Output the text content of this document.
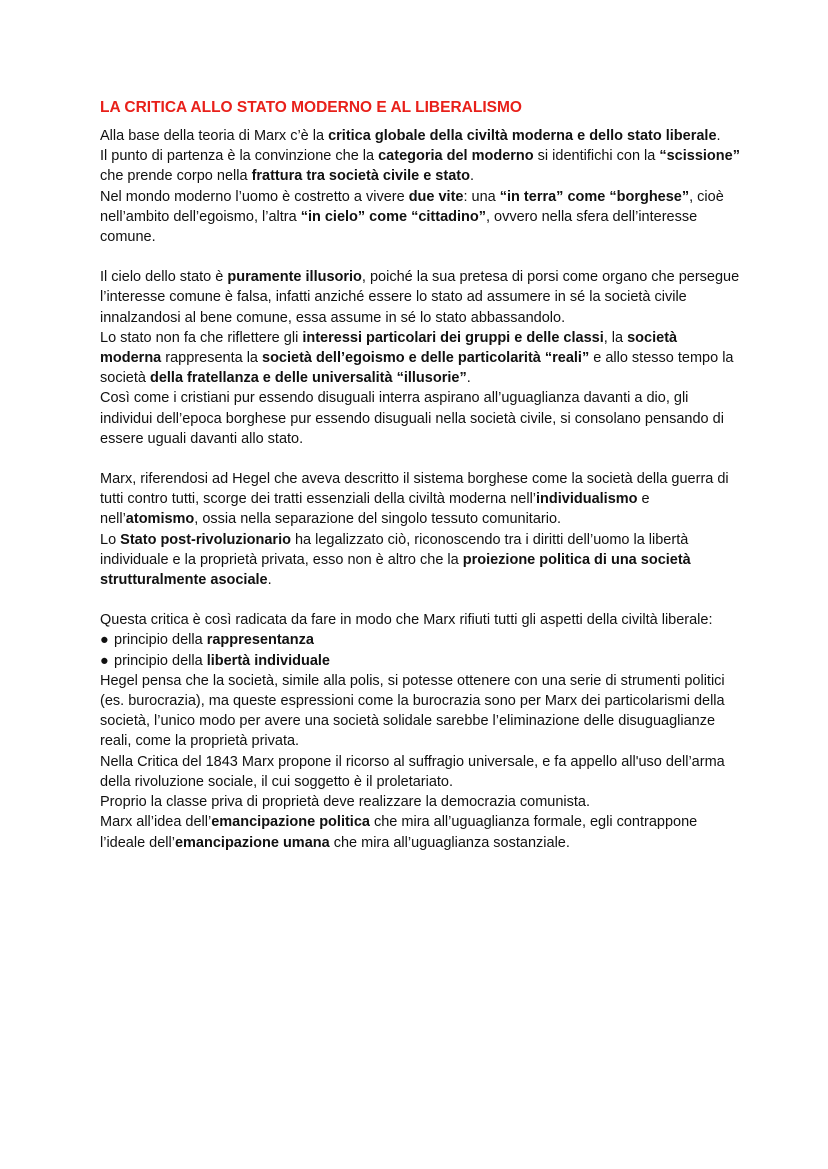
LA CRITICA ALLO STATO MODERNO E AL LIBERALISMO

Alla base della teoria di Marx c’è la critica globale della civiltà moderna e dello stato liberale.

Il punto di partenza è la convinzione che la categoria del moderno si identifichi con la “scissione” che prende corpo nella frattura tra società civile e stato.

Nel mondo moderno l’uomo è costretto a vivere due vite: una “in terra” come “borghese”, cioè nell’ambito dell’egoismo, l’altra “in cielo” come “cittadino”, ovvero nella sfera dell’interesse comune.

Il cielo dello stato è puramente illusorio, poiché la sua pretesa di porsi come organo che persegue l’interesse comune è falsa, infatti anziché essere lo stato ad assumere in sé la società civile innalzandosi al bene comune, essa assume in sé lo stato abbassandolo.

Lo stato non fa che riflettere gli interessi particolari dei gruppi e delle classi, la società moderna rappresenta la società dell’egoismo e delle particolarità “reali” e allo stesso tempo la società della fratellanza e delle universalità “illusorie”.

Così come i cristiani pur essendo disuguali interra aspirano all’uguaglianza davanti a dio, gli individui dell’epoca borghese pur essendo disuguali nella società civile, si consolano pensando di essere uguali davanti allo stato.

Marx, riferendosi ad Hegel che aveva descritto il sistema borghese come la società della guerra di tutti contro tutti, scorge dei tratti essenziali della civiltà moderna nell’individualismo e nell’atomismo, ossia nella separazione del singolo tessuto comunitario.

Lo Stato post-rivoluzionario ha legalizzato ciò, riconoscendo tra i diritti dell’uomo la libertà individuale e la proprietà privata, esso non è altro che la proiezione politica di una società strutturalmente asociale.

Questa critica è così radicata da fare in modo che Marx rifiuti tutti gli aspetti della civiltà liberale:

● principio della rappresentanza

● principio della libertà individuale

Hegel pensa che la società, simile alla polis, si potesse ottenere con una serie di strumenti politici (es. burocrazia), ma queste espressioni come la burocrazia sono per Marx dei particolarismi della società, l’unico modo per avere una società solidale sarebbe l’eliminazione delle disuguaglianze reali, come la proprietà privata.

Nella Critica del 1843 Marx propone il ricorso al suffragio universale, e fa appello all'uso dell’arma della rivoluzione sociale, il cui soggetto è il proletariato.

Proprio la classe priva di proprietà deve realizzare la democrazia comunista.

Marx all’idea dell’emancipazione politica che mira all’uguaglianza formale, egli contrappone l’ideale dell’emancipazione umana che mira all’uguaglianza sostanziale.
